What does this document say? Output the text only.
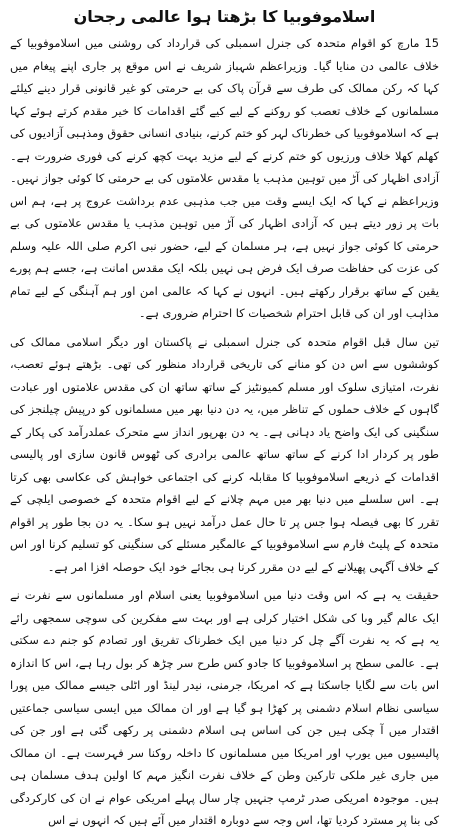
اسلاموفوبیا کا بڑھتا ہوا عالمی رجحان

15 مارچ کو اقوام متحدہ کی جنرل اسمبلی کی قرارداد کی روشنی میں اسلاموفوبیا کے خلاف عالمی دن منایا گیا۔ وزیراعظم شہباز شریف نے اس موقع پر جاری اپنے پیغام میں کہا کہ رکن ممالک کی طرف سے قرآن پاک کی بے حرمتی کو غیر قانونی قرار دینے کیلئے مسلمانوں کے خلاف تعصب کو روکنے کے لیے کیے گئے اقدامات کا خیر مقدم کرتے ہوئے کہا ہے کہ اسلاموفوبیا کی خطرناک لہر کو ختم کرنے، بنیادی انسانی حقوق ومذہبی آزادیوں کی کھلم کھلا خلاف ورزیوں کو ختم کرنے کے لیے مزید بہت کچھ کرنے کی فوری ضرورت ہے۔ آزادی اظہار کی آڑ میں توہین مذہب یا مقدس علامتوں کی بے حرمتی کا کوئی جواز نہیں۔ وزیراعظم نے کہا کہ ایک ایسے وقت میں جب مذہبی عدم برداشت عروج پر ہے، ہم اس بات پر زور دیتے ہیں کہ آزادی اظہار کی آڑ میں توہین مذہب یا مقدس علامتوں کی بے حرمتی کا کوئی جواز نہیں ہے، ہر مسلمان کے لیے، حضور نبی اکرم صلی اللہ علیہ وسلم کی عزت کی حفاظت صرف ایک فرض ہی نہیں بلکہ ایک مقدس امانت ہے، جسے ہم پورے یقین کے ساتھ برقرار رکھتے ہیں۔ انہوں نے کہا کہ عالمی امن اور ہم آہنگی کے لیے تمام مذاہب اور ان کی قابل احترام شخصیات کا احترام ضروری ہے۔

تین سال قبل اقوام متحدہ کی جنرل اسمبلی نے پاکستان اور دیگر اسلامی ممالک کی کوششوں سے اس دن کو منانے کی تاریخی قرارداد منظور کی تھی۔ بڑھتے ہوئے تعصب، نفرت، امتیازی سلوک اور مسلم کمیونٹیز کے ساتھ ساتھ ان کی مقدس علامتوں اور عبادت گاہوں کے خلاف حملوں کے تناظر میں، یہ دن دنیا بھر میں مسلمانوں کو درپیش چیلنجز کی سنگینی کی ایک واضح یاد دہانی ہے۔ یہ دن بھرپور انداز سے متحرک عملدرآمد کی پکار کے طور پر کردار ادا کرنے کے ساتھ ساتھ عالمی برادری کی ٹھوس قانون سازی اور پالیسی اقدامات کے ذریعے اسلاموفوبیا کا مقابلہ کرنے کی اجتماعی خواہش کی عکاسی بھی کرتا ہے۔ اس سلسلے میں دنیا بھر میں مہم چلانے کے لیے اقوام متحدہ کے خصوصی ایلچی کے تقرر کا بھی فیصلہ ہوا جس پر تا حال عمل درآمد نہیں ہو سکا۔ یہ دن بجا طور پر اقوام متحدہ کے پلیٹ فارم سے اسلاموفوبیا کے عالمگیر مسئلے کی سنگینی کو تسلیم کرنا اور اس کے خلاف آگہی پھیلانے کے لیے دن مقرر کرنا ہی بجائے خود ایک حوصلہ افزا امر ہے۔

حقیقت یہ ہے کہ اس وقت دنیا میں اسلاموفوبیا یعنی اسلام اور مسلمانوں سے نفرت نے ایک عالم گیر وبا کی شکل اختیار کرلی ہے اور بہت سے مفکرین کی سوچی سمجھی رائے یہ ہے کہ یہ نفرت آگے چل کر دنیا میں ایک خطرناک تفریق اور تصادم کو جنم دے سکتی ہے۔ عالمی سطح پر اسلاموفوبیا کا جادو کس طرح سر چڑھ کر بول رہا ہے، اس کا اندازہ اس بات سے لگایا جاسکتا ہے کہ امریکا، جرمنی، نیدر لینڈ اور اٹلی جیسے ممالک میں پورا سیاسی نظام اسلام دشمنی پر کھڑا ہو گیا ہے اور ان ممالک میں ایسی سیاسی جماعتیں اقتدار میں آ چکی ہیں جن کی اساس ہی اسلام دشمنی پر رکھی گئی ہے اور جن کی پالیسیوں میں یورپ اور امریکا میں مسلمانوں کا داخلہ روکنا سر فہرست ہے۔ ان ممالک میں جاری غیر ملکی تارکین وطن کے خلاف نفرت انگیز مہم کا اولین ہدف مسلمان ہی ہیں۔ موجودہ امریکی صدر ٹرمپ جنہیں چار سال پہلے امریکی عوام نے ان کی کارکردگی کی بنا پر مسترد کردیا تھا، اس وجہ سے دوبارہ اقتدار میں آئے ہیں کہ انہوں نے اس
